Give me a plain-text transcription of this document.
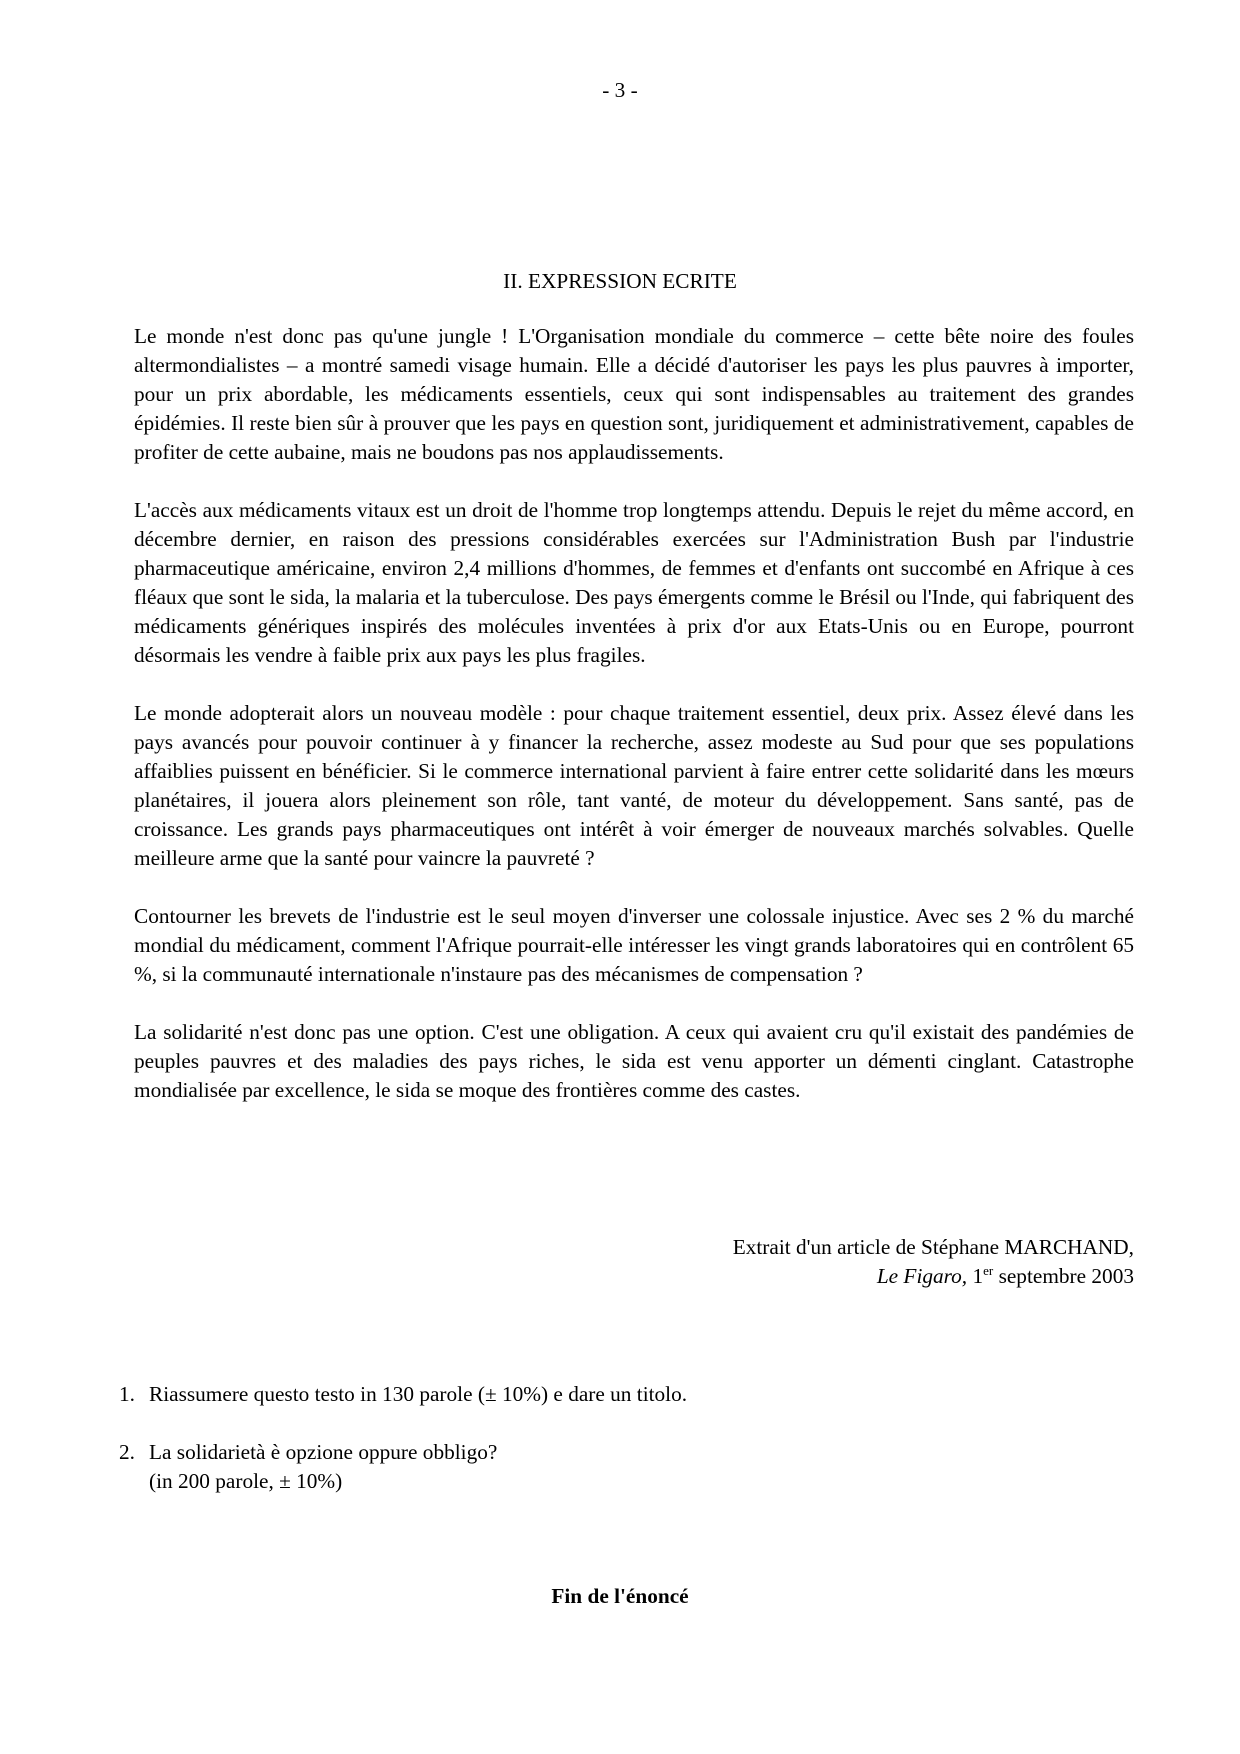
- 3 -
II. EXPRESSION ECRITE

Le monde n'est donc pas qu'une jungle ! L'Organisation mondiale du commerce – cette bête noire des foules altermondialistes – a montré samedi visage humain. Elle a décidé d'autoriser les pays les plus pauvres à importer, pour un prix abordable, les médicaments essentiels, ceux qui sont indispensables au traitement des grandes épidémies. Il reste bien sûr à prouver que les pays en question sont, juridiquement et administrativement, capables de profiter de cette aubaine, mais ne boudons pas nos applaudissements.

L'accès aux médicaments vitaux est un droit de l'homme trop longtemps attendu. Depuis le rejet du même accord, en décembre dernier, en raison des pressions considérables exercées sur l'Administration Bush par l'industrie pharmaceutique américaine, environ 2,4 millions d'hommes, de femmes et d'enfants ont succombé en Afrique à ces fléaux que sont le sida, la malaria et la tuberculose. Des pays émergents comme le Brésil ou l'Inde, qui fabriquent des médicaments génériques inspirés des molécules inventées à prix d'or aux Etats-Unis ou en Europe, pourront désormais les vendre à faible prix aux pays les plus fragiles.

Le monde adopterait alors un nouveau modèle : pour chaque traitement essentiel, deux prix. Assez élevé dans les pays avancés pour pouvoir continuer à y financer la recherche, assez modeste au Sud pour que ses populations affaiblies puissent en bénéficier. Si le commerce international parvient à faire entrer cette solidarité dans les mœurs planétaires, il jouera alors pleinement son rôle, tant vanté, de moteur du développement. Sans santé, pas de croissance. Les grands pays pharmaceutiques ont intérêt à voir émerger de nouveaux marchés solvables. Quelle meilleure arme que la santé pour vaincre la pauvreté ?

Contourner les brevets de l'industrie est le seul moyen d'inverser une colossale injustice. Avec ses 2 % du marché mondial du médicament, comment l'Afrique pourrait-elle intéresser les vingt grands laboratoires qui en contrôlent 65 %, si la communauté internationale n'instaure pas des mécanismes de compensation ?

La solidarité n'est donc pas une option. C'est une obligation. A ceux qui avaient cru qu'il existait des pandémies de peuples pauvres et des maladies des pays riches, le sida est venu apporter un démenti cinglant. Catastrophe mondialisée par excellence, le sida se moque des frontières comme des castes.

Extrait d'un article de Stéphane MARCHAND,
Le Figaro, 1er septembre 2003
1. Riassumere questo testo in 130 parole (± 10%) e dare un titolo.
2. La solidarietà è opzione oppure obbligo?
(in 200 parole, ± 10%)
Fin de l'énoncé
